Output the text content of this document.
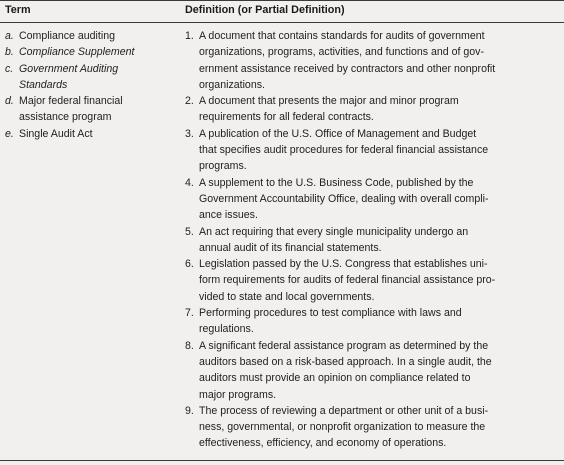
Term	Definition (or Partial Definition)
a. Compliance auditing
b. Compliance Supplement
c. Government Auditing
Standards
d. Major federal financial
assistance program
e. Single Audit Act
1. A document that contains standards for audits of government
organizations, programs, activities, and functions and of gov-
ernment assistance received by contractors and other nonprofit
organizations.
2. A document that presents the major and minor program
requirements for all federal contracts.
3. A publication of the U.S. Office of Management and Budget
that specifies audit procedures for federal financial assistance
programs.
4. A supplement to the U.S. Business Code, published by the
Government Accountability Office, dealing with overall compli-
ance issues.
5. An act requiring that every single municipality undergo an
annual audit of its financial statements.
6. Legislation passed by the U.S. Congress that establishes uni-
form requirements for audits of federal financial assistance pro-
vided to state and local governments.
7. Performing procedures to test compliance with laws and
regulations.
8. A significant federal assistance program as determined by the
auditors based on a risk-based approach. In a single audit, the
auditors must provide an opinion on compliance related to
major programs.
9. The process of reviewing a department or other unit of a busi-
ness, governmental, or nonprofit organization to measure the
effectiveness, efficiency, and economy of operations.
